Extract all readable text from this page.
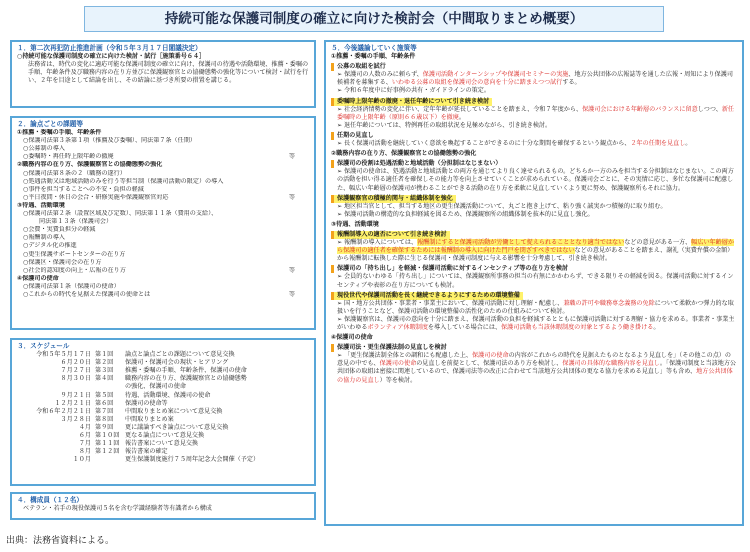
持続可能な保護司制度の確立に向けた検討会（中間取りまとめ概要）
１．第二次再犯防止推進計画（令和５年３月１７日閣議決定）
○持続可能な保護司制度の確立に向けた検討・試行［施策番号６４］
法務省は、時代の変化に適応可能な保護司制度の確立に向け、保護司の待遇や活動環境、推薦・委嘱の手順、年齢条件及び職務内容の在り方並びに保護観察官との協働態勢の強化等について検討・試行を行い、２年を目途として結論を出し、その結論に基づき所要の措置を講じる。
２．論点ごとの課題等
①推薦・委嘱の手順、年齢条件
○保護司法第３条第１項（推薦及び委嘱）、同法第７条（任期）
○公募制の導入
○委嘱時・再任時上限年齢の撤廃	等
②職務内容の在り方、保護観察官との協働態勢の強化
○保護司法第８条の２（職務の遂行）
○処遇活動又は地域活動のみを行う等担当制（保護司活動の限定）の導入
○事件を担当することへの不安・負担の軽減
○平日夜間・休日の会合・研修実施や保護観察官対応	等
③待遇、活動環境
○保護司法第２条（設置区域及び定数）、同法第１１条（費用の支給）、
同法第１３条（保護司会）
○会費・実費負担分の軽減
○報酬制の導入
○デジタル化の推進
○更生保護サポートセンターの在り方
○保護区・保護司会の在り方
○社会的認知度の向上・広報の在り方	等
④保護司の使命
○保護司法第１条（保護司の使命）
○これからの時代を見据えた保護司の使命とは	等
３．スケジュール
令和５年５月１７日 第１回	論点と論点ごとの課題について意見交換
６月２０日 第２回	保護司・保護司会の現状・ヒアリング
７月２７日 第３回	推薦・委嘱の手順、年齢条件、保護司の使命
８月３０日 第４回	職務内容の在り方、保護観察官との協働態勢
の強化、保護司の使命
９月２１日 第５回	待遇、活動環境、保護司の使命
１２月２１日 第６回	保護司の使命等
令和６年２月２１日 第７回	中間取りまとめ案について意見交換
３月２８日 第８回	中間取りまとめ案
４月 第９回	更に議論すべき論点について意見交換
６月 第１０回 更なる論点について意見交換
７月 第１１回 報告書案について意見交換
８月 第１２回 報告書案の確定
１０月	更生保護制度施行７５周年記念大会開催（予定）
４．構成員（１２名）
ベテラン・若手の現役保護司５名を含む学識経験者等有識者から構成
５．今後議論していく施策等
①推薦・委嘱の手順、年齢条件
公募の取組を試行
➢ 保護司の人数のみに頼らず、保護司活動インターンシップや保護司セミナーの実施、地方公共団体の広報誌等を通した広報・周知により保護司候補者を募集する、いわゆる公募の取組を保護司会の意向を十分に踏まえつつ試行する。
➢ 令和６年度中に好事例の共有・ガイドラインの策定。
委嘱時上限年齢の撤廃・退任年齢について引き続き検討
➢ 社会経済情勢の変化に伴い、定年年齢が延長していることを踏まえ、令和７年度から、保護司会における年齢層のバランスに留意しつつ、新任委嘱時の上限年齢（原則６６歳以下）を撤廃。
➢ 退任年齢については、特例再任の取組状況を見極めながら、引き続き検討。
任期の見直し
➢ 長く保護司活動を継続していく意欲を喚起することができるのに十分な期間を確保するという観点から、２年の任期を見直し。
②職務内容の在り方、保護観察官との協働態勢の強化
保護司の役割は処遇活動と地域活動（分担制はなじまない）
➢ 保護司の使命は、処遇活動と地域活動との両方を通じてより良く達せられるもの。どちらか一方のみを担当する分担制はなじまない。この両方の活動を担い得る適任者を確保しその能力等を向上させていくことが求められている。保護司会ごとに、その実情に応じ、多忙な保護司に配慮した、幅広い年齢層の保護司が携わることができる活動の在り方を柔軟に見直していくよう更に努め、保護観察所もそれに協力。
保護観察官の積極的関与・組織体制を強化
➢ 地区担当官として、担当する地区の更生保護活動について、丸ごと抱き上げて、粘り強く誠実かつ積極的に取り組む。
➢ 保護司活動の構造的な負担軽減を図るため、保護観察所の組織体制を抜本的に見直し強化。
③待遇、活動環境
報酬制導入の適否について引き続き検討
➢ 報酬制の導入については、報酬制にすると保護司活動が労働として捉えられることとなり適当ではないなどの意見がある一方、幅広い年齢層から保護司の適任者を確保するためには報酬制の導入に向けた門戸を閉ざすべきではないなどの意見があることを踏まえ、謝礼（実費弁償の金額）から報酬制に転換した際に生じる保護司・保護司制度に与える影響を十分考慮して、引き続き検討。
保護司の「持ち出し」を軽減・保護司活動に対するインセンティブ等の在り方を検討
➢ 会員的ないわゆる「持ち出し」については、保護観察所事務の担当の有無にかかわらず、できる限りその軽減を図る。保護司活動に対するインセンティブや表彰の在り方についても検討。
現役世代や保護司活動を長く継続できるようにするための環境整備
➢ 国・地方公共団体・事業者・事業主において、保護司活動に対し理解・配慮し、兼職の許可や職務専念義務の免除について柔軟かつ弾力的な取扱いを行うことなど、保護司活動の環境整備の活性化のための仕組みについて検討。
➢ 保護観察官は、保護司の意向を十分に踏まえ、保護司活動の負担を軽減するとともに保護司活動に対する理解・協力を求める。事業者・事業主がいわゆるボランティア休暇制度を導入している場合には、保護司活動も当該休暇制度の対象とするよう働き掛ける。
④保護司の使命
保護司法・更生保護法制の見直しを検討
➢ 「更生保護法制全体との調和にも配慮した上、保護司の使命の内容がこれからの時代を見据えたものとなるよう見直しを」（その他この点）の意見の中でも、保護司の使命の見直しを前提として、保護司法のあり方を検討し、保護司の具体的な職務内容を見直し。「保護司制度と当該地方公共団体の取組は密接に関連しているので、保護司法等の改正に合わせて当該地方公共団体の更なる協力を求める見直し」等も含め、地方公共団体の協力の見直し）等を検討。
出典：法務省資料による。
